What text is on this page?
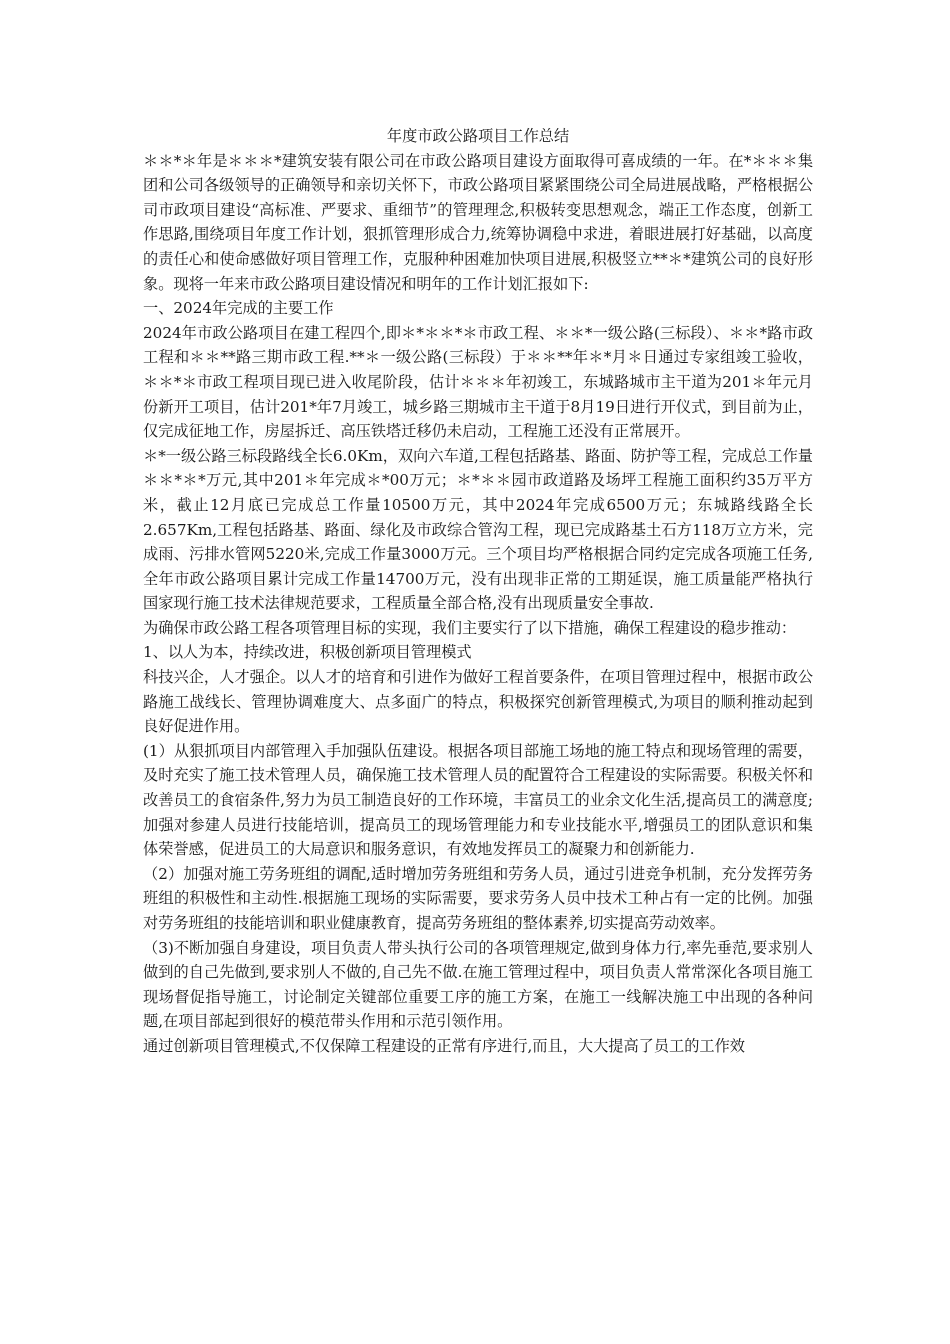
年度市政公路项目工作总结

＊＊*＊年是＊＊＊*建筑安装有限公司在市政公路项目建设方面取得可喜成绩的一年。在*＊＊＊集团和公司各级领导的正确领导和亲切关怀下，市政公路项目紧紧围绕公司全局进展战略，严格根据公司市政项目建设“高标准、严要求、重细节”的管理理念,积极转变思想观念，端正工作态度，创新工作思路,围绕项目年度工作计划，狠抓管理形成合力,统筹协调稳中求进，着眼进展打好基础，以高度的责任心和使命感做好项目管理工作，克服种种困难加快项目进展,积极竖立**＊*建筑公司的良好形象。现将一年来市政公路项目建设情况和明年的工作计划汇报如下:

一、2024年完成的主要工作

2024年市政公路项目在建工程四个,即＊*＊＊*＊市政工程、＊＊*一级公路(三标段）、＊＊*路市政工程和＊＊**路三期市政工程.**＊一级公路(三标段）于＊＊**年＊*月＊日通过专家组竣工验收，＊＊*＊市政工程项目现已进入收尾阶段，估计＊＊＊年初竣工，东城路城市主干道为201＊年元月份新开工项目，估计201*年7月竣工，城乡路三期城市主干道于8月19日进行开仪式，到目前为止，仅完成征地工作，房屋拆迁、高压铁塔迁移仍未启动，工程施工还没有正常展开。

＊*一级公路三标段路线全长6.0Km，双向六车道,工程包括路基、路面、防护等工程，完成总工作量＊＊*＊*万元,其中201＊年完成＊*00万元；＊*＊＊园市政道路及场坪工程施工面积约35万平方米，截止12月底已完成总工作量10500万元，其中2024年完成6500万元；东城路线路全长2.657Km,工程包括路基、路面、绿化及市政综合管沟工程，现已完成路基土石方118万立方米，完成雨、污排水管网5220米,完成工作量3000万元。三个项目均严格根据合同约定完成各项施工任务,全年市政公路项目累计完成工作量14700万元，没有出现非正常的工期延误，施工质量能严格执行国家现行施工技术法律规范要求，工程质量全部合格,没有出现质量安全事故.

为确保市政公路工程各项管理目标的实现，我们主要实行了以下措施，确保工程建设的稳步推动：

1、以人为本，持续改进，积极创新项目管理模式

科技兴企，人才强企。以人才的培育和引进作为做好工程首要条件，在项目管理过程中，根据市政公路施工战线长、管理协调难度大、点多面广的特点，积极探究创新管理模式,为项目的顺利推动起到良好促进作用。

(1）从狠抓项目内部管理入手加强队伍建设。根据各项目部施工场地的施工特点和现场管理的需要，及时充实了施工技术管理人员，确保施工技术管理人员的配置符合工程建设的实际需要。积极关怀和改善员工的食宿条件,努力为员工制造良好的工作环境，丰富员工的业余文化生活,提高员工的满意度;加强对参建人员进行技能培训，提高员工的现场管理能力和专业技能水平,增强员工的团队意识和集体荣誉感，促进员工的大局意识和服务意识，有效地发挥员工的凝聚力和创新能力.

（2）加强对施工劳务班组的调配,适时增加劳务班组和劳务人员，通过引进竞争机制，充分发挥劳务班组的积极性和主动性.根据施工现场的实际需要，要求劳务人员中技术工种占有一定的比例。加强对劳务班组的技能培训和职业健康教育，提高劳务班组的整体素养,切实提高劳动效率。

（3)不断加强自身建设，项目负责人带头执行公司的各项管理规定,做到身体力行,率先垂范,要求别人做到的自己先做到,要求别人不做的,自己先不做.在施工管理过程中，项目负责人常常深化各项目施工现场督促指导施工，讨论制定关键部位重要工序的施工方案，在施工一线解决施工中出现的各种问题,在项目部起到很好的模范带头作用和示范引领作用。

通过创新项目管理模式,不仅保障工程建设的正常有序进行,而且，大大提高了员工的工作效
